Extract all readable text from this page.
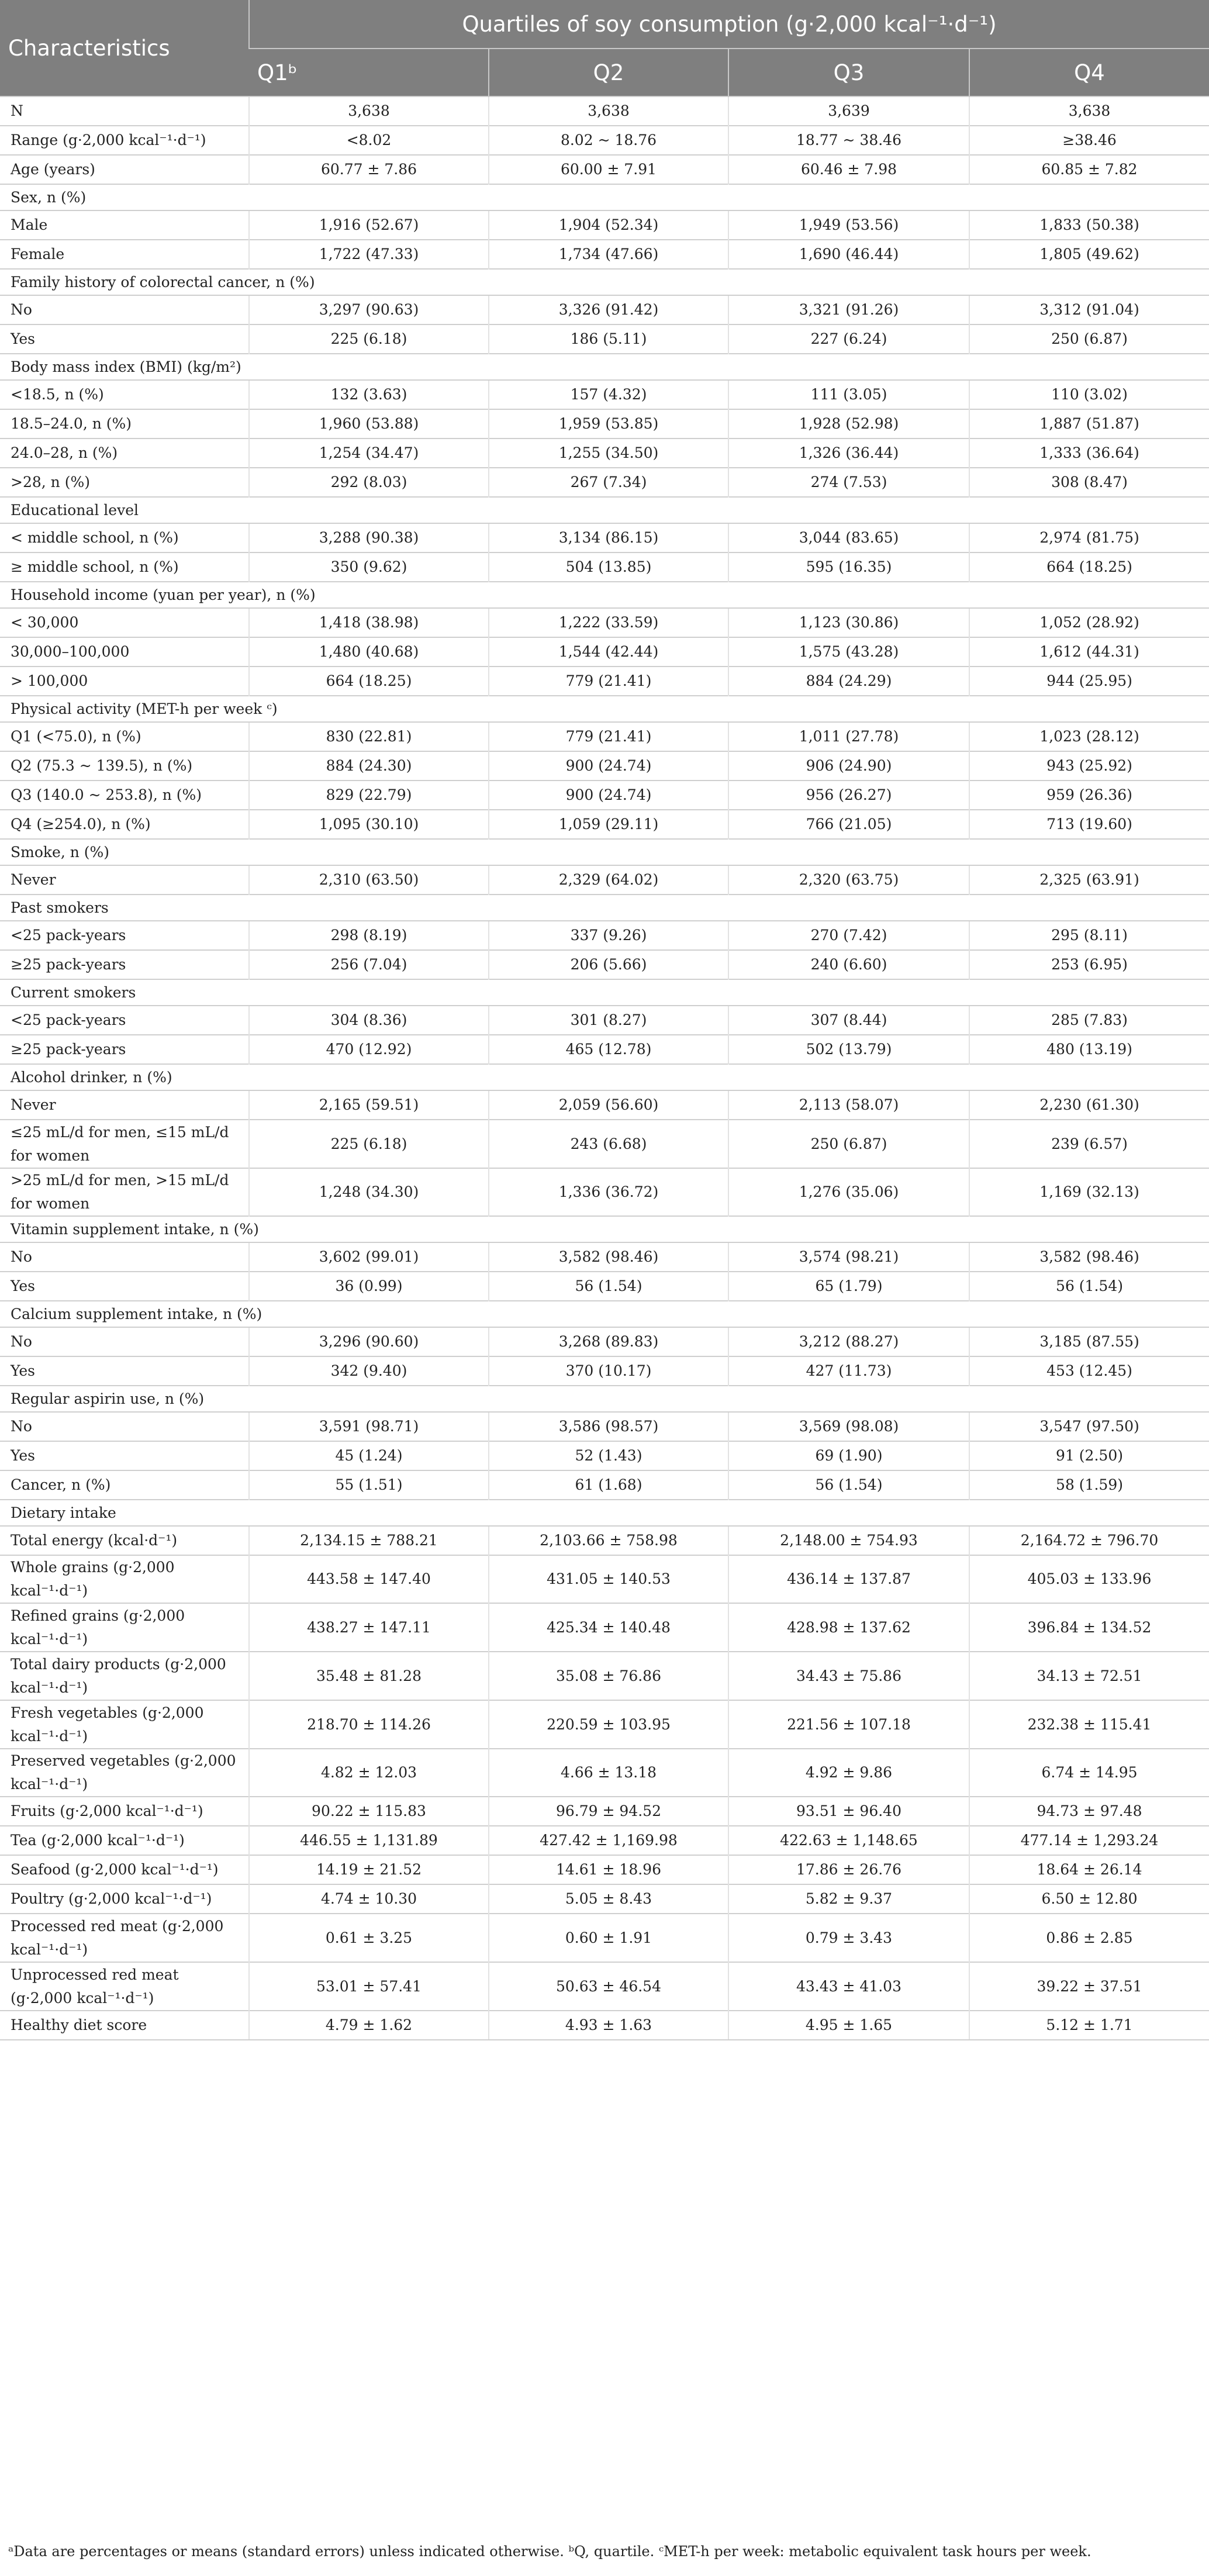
Characteristics	Quartiles of soy consumption (g·2,000 kcal⁻¹·d⁻¹)			
	Q1ᵇ	Q2	Q3	Q4
N	3,638	3,638	3,639	3,638
Range (g·2,000 kcal⁻¹·d⁻¹)	<8.02	8.02 ~ 18.76	18.77 ~ 38.46	≥38.46
Age (years)	60.77 ± 7.86	60.00 ± 7.91	60.46 ± 7.98	60.85 ± 7.82
Sex, n (%)				
Male	1,916 (52.67)	1,904 (52.34)	1,949 (53.56)	1,833 (50.38)
Female	1,722 (47.33)	1,734 (47.66)	1,690 (46.44)	1,805 (49.62)
Family history of colorectal cancer, n (%)				
No	3,297 (90.63)	3,326 (91.42)	3,321 (91.26)	3,312 (91.04)
Yes	225 (6.18)	186 (5.11)	227 (6.24)	250 (6.87)
Body mass index (BMI) (kg/m²)				
<18.5, n (%)	132 (3.63)	157 (4.32)	111 (3.05)	110 (3.02)
18.5–24.0, n (%)	1,960 (53.88)	1,959 (53.85)	1,928 (52.98)	1,887 (51.87)
24.0–28, n (%)	1,254 (34.47)	1,255 (34.50)	1,326 (36.44)	1,333 (36.64)
>28, n (%)	292 (8.03)	267 (7.34)	274 (7.53)	308 (8.47)
Educational level				
< middle school, n (%)	3,288 (90.38)	3,134 (86.15)	3,044 (83.65)	2,974 (81.75)
≥ middle school, n (%)	350 (9.62)	504 (13.85)	595 (16.35)	664 (18.25)
Household income (yuan per year), n (%)				
< 30,000	1,418 (38.98)	1,222 (33.59)	1,123 (30.86)	1,052 (28.92)
30,000–100,000	1,480 (40.68)	1,544 (42.44)	1,575 (43.28)	1,612 (44.31)
> 100,000	664 (18.25)	779 (21.41)	884 (24.29)	944 (25.95)
Physical activity (MET-h per week ᶜ)				
Q1 (<75.0), n (%)	830 (22.81)	779 (21.41)	1,011 (27.78)	1,023 (28.12)
Q2 (75.3 ~ 139.5), n (%)	884 (24.30)	900 (24.74)	906 (24.90)	943 (25.92)
Q3 (140.0 ~ 253.8), n (%)	829 (22.79)	900 (24.74)	956 (26.27)	959 (26.36)
Q4 (≥254.0), n (%)	1,095 (30.10)	1,059 (29.11)	766 (21.05)	713 (19.60)
Smoke, n (%)				
Never	2,310 (63.50)	2,329 (64.02)	2,320 (63.75)	2,325 (63.91)
Past smokers				
<25 pack-years	298 (8.19)	337 (9.26)	270 (7.42)	295 (8.11)
≥25 pack-years	256 (7.04)	206 (5.66)	240 (6.60)	253 (6.95)
Current smokers				
<25 pack-years	304 (8.36)	301 (8.27)	307 (8.44)	285 (7.83)
≥25 pack-years	470 (12.92)	465 (12.78)	502 (13.79)	480 (13.19)
Alcohol drinker, n (%)				
Never	2,165 (59.51)	2,059 (56.60)	2,113 (58.07)	2,230 (61.30)
≤25 mL/d for men, ≤15 mL/d for women	225 (6.18)	243 (6.68)	250 (6.87)	239 (6.57)
>25 mL/d for men, >15 mL/d for women	1,248 (34.30)	1,336 (36.72)	1,276 (35.06)	1,169 (32.13)
Vitamin supplement intake, n (%)				
No	3,602 (99.01)	3,582 (98.46)	3,574 (98.21)	3,582 (98.46)
Yes	36 (0.99)	56 (1.54)	65 (1.79)	56 (1.54)
Calcium supplement intake, n (%)				
No	3,296 (90.60)	3,268 (89.83)	3,212 (88.27)	3,185 (87.55)
Yes	342 (9.40)	370 (10.17)	427 (11.73)	453 (12.45)
Regular aspirin use, n (%)				
No	3,591 (98.71)	3,586 (98.57)	3,569 (98.08)	3,547 (97.50)
Yes	45 (1.24)	52 (1.43)	69 (1.90)	91 (2.50)
Cancer, n (%)	55 (1.51)	61 (1.68)	56 (1.54)	58 (1.59)
Dietary intake				
Total energy (kcal·d⁻¹)	2,134.15 ± 788.21	2,103.66 ± 758.98	2,148.00 ± 754.93	2,164.72 ± 796.70
Whole grains (g·2,000 kcal⁻¹·d⁻¹)	443.58 ± 147.40	431.05 ± 140.53	436.14 ± 137.87	405.03 ± 133.96
Refined grains (g·2,000 kcal⁻¹·d⁻¹)	438.27 ± 147.11	425.34 ± 140.48	428.98 ± 137.62	396.84 ± 134.52
Total dairy products (g·2,000 kcal⁻¹·d⁻¹)	35.48 ± 81.28	35.08 ± 76.86	34.43 ± 75.86	34.13 ± 72.51
Fresh vegetables (g·2,000 kcal⁻¹·d⁻¹)	218.70 ± 114.26	220.59 ± 103.95	221.56 ± 107.18	232.38 ± 115.41
Preserved vegetables (g·2,000 kcal⁻¹·d⁻¹)	4.82 ± 12.03	4.66 ± 13.18	4.92 ± 9.86	6.74 ± 14.95
Fruits (g·2,000 kcal⁻¹·d⁻¹)	90.22 ± 115.83	96.79 ± 94.52	93.51 ± 96.40	94.73 ± 97.48
Tea (g·2,000 kcal⁻¹·d⁻¹)	446.55 ± 1,131.89	427.42 ± 1,169.98	422.63 ± 1,148.65	477.14 ± 1,293.24
Seafood (g·2,000 kcal⁻¹·d⁻¹)	14.19 ± 21.52	14.61 ± 18.96	17.86 ± 26.76	18.64 ± 26.14
Poultry (g·2,000 kcal⁻¹·d⁻¹)	4.74 ± 10.30	5.05 ± 8.43	5.82 ± 9.37	6.50 ± 12.80
Processed red meat (g·2,000 kcal⁻¹·d⁻¹)	0.61 ± 3.25	0.60 ± 1.91	0.79 ± 3.43	0.86 ± 2.85
Unprocessed red meat (g·2,000 kcal⁻¹·d⁻¹)	53.01 ± 57.41	50.63 ± 46.54	43.43 ± 41.03	39.22 ± 37.51
Healthy diet score	4.79 ± 1.62	4.93 ± 1.63	4.95 ± 1.65	5.12 ± 1.71
ᵃData are percentages or means (standard errors) unless indicated otherwise. ᵇQ, quartile. ᶜMET-h per week: metabolic equivalent task hours per week.
